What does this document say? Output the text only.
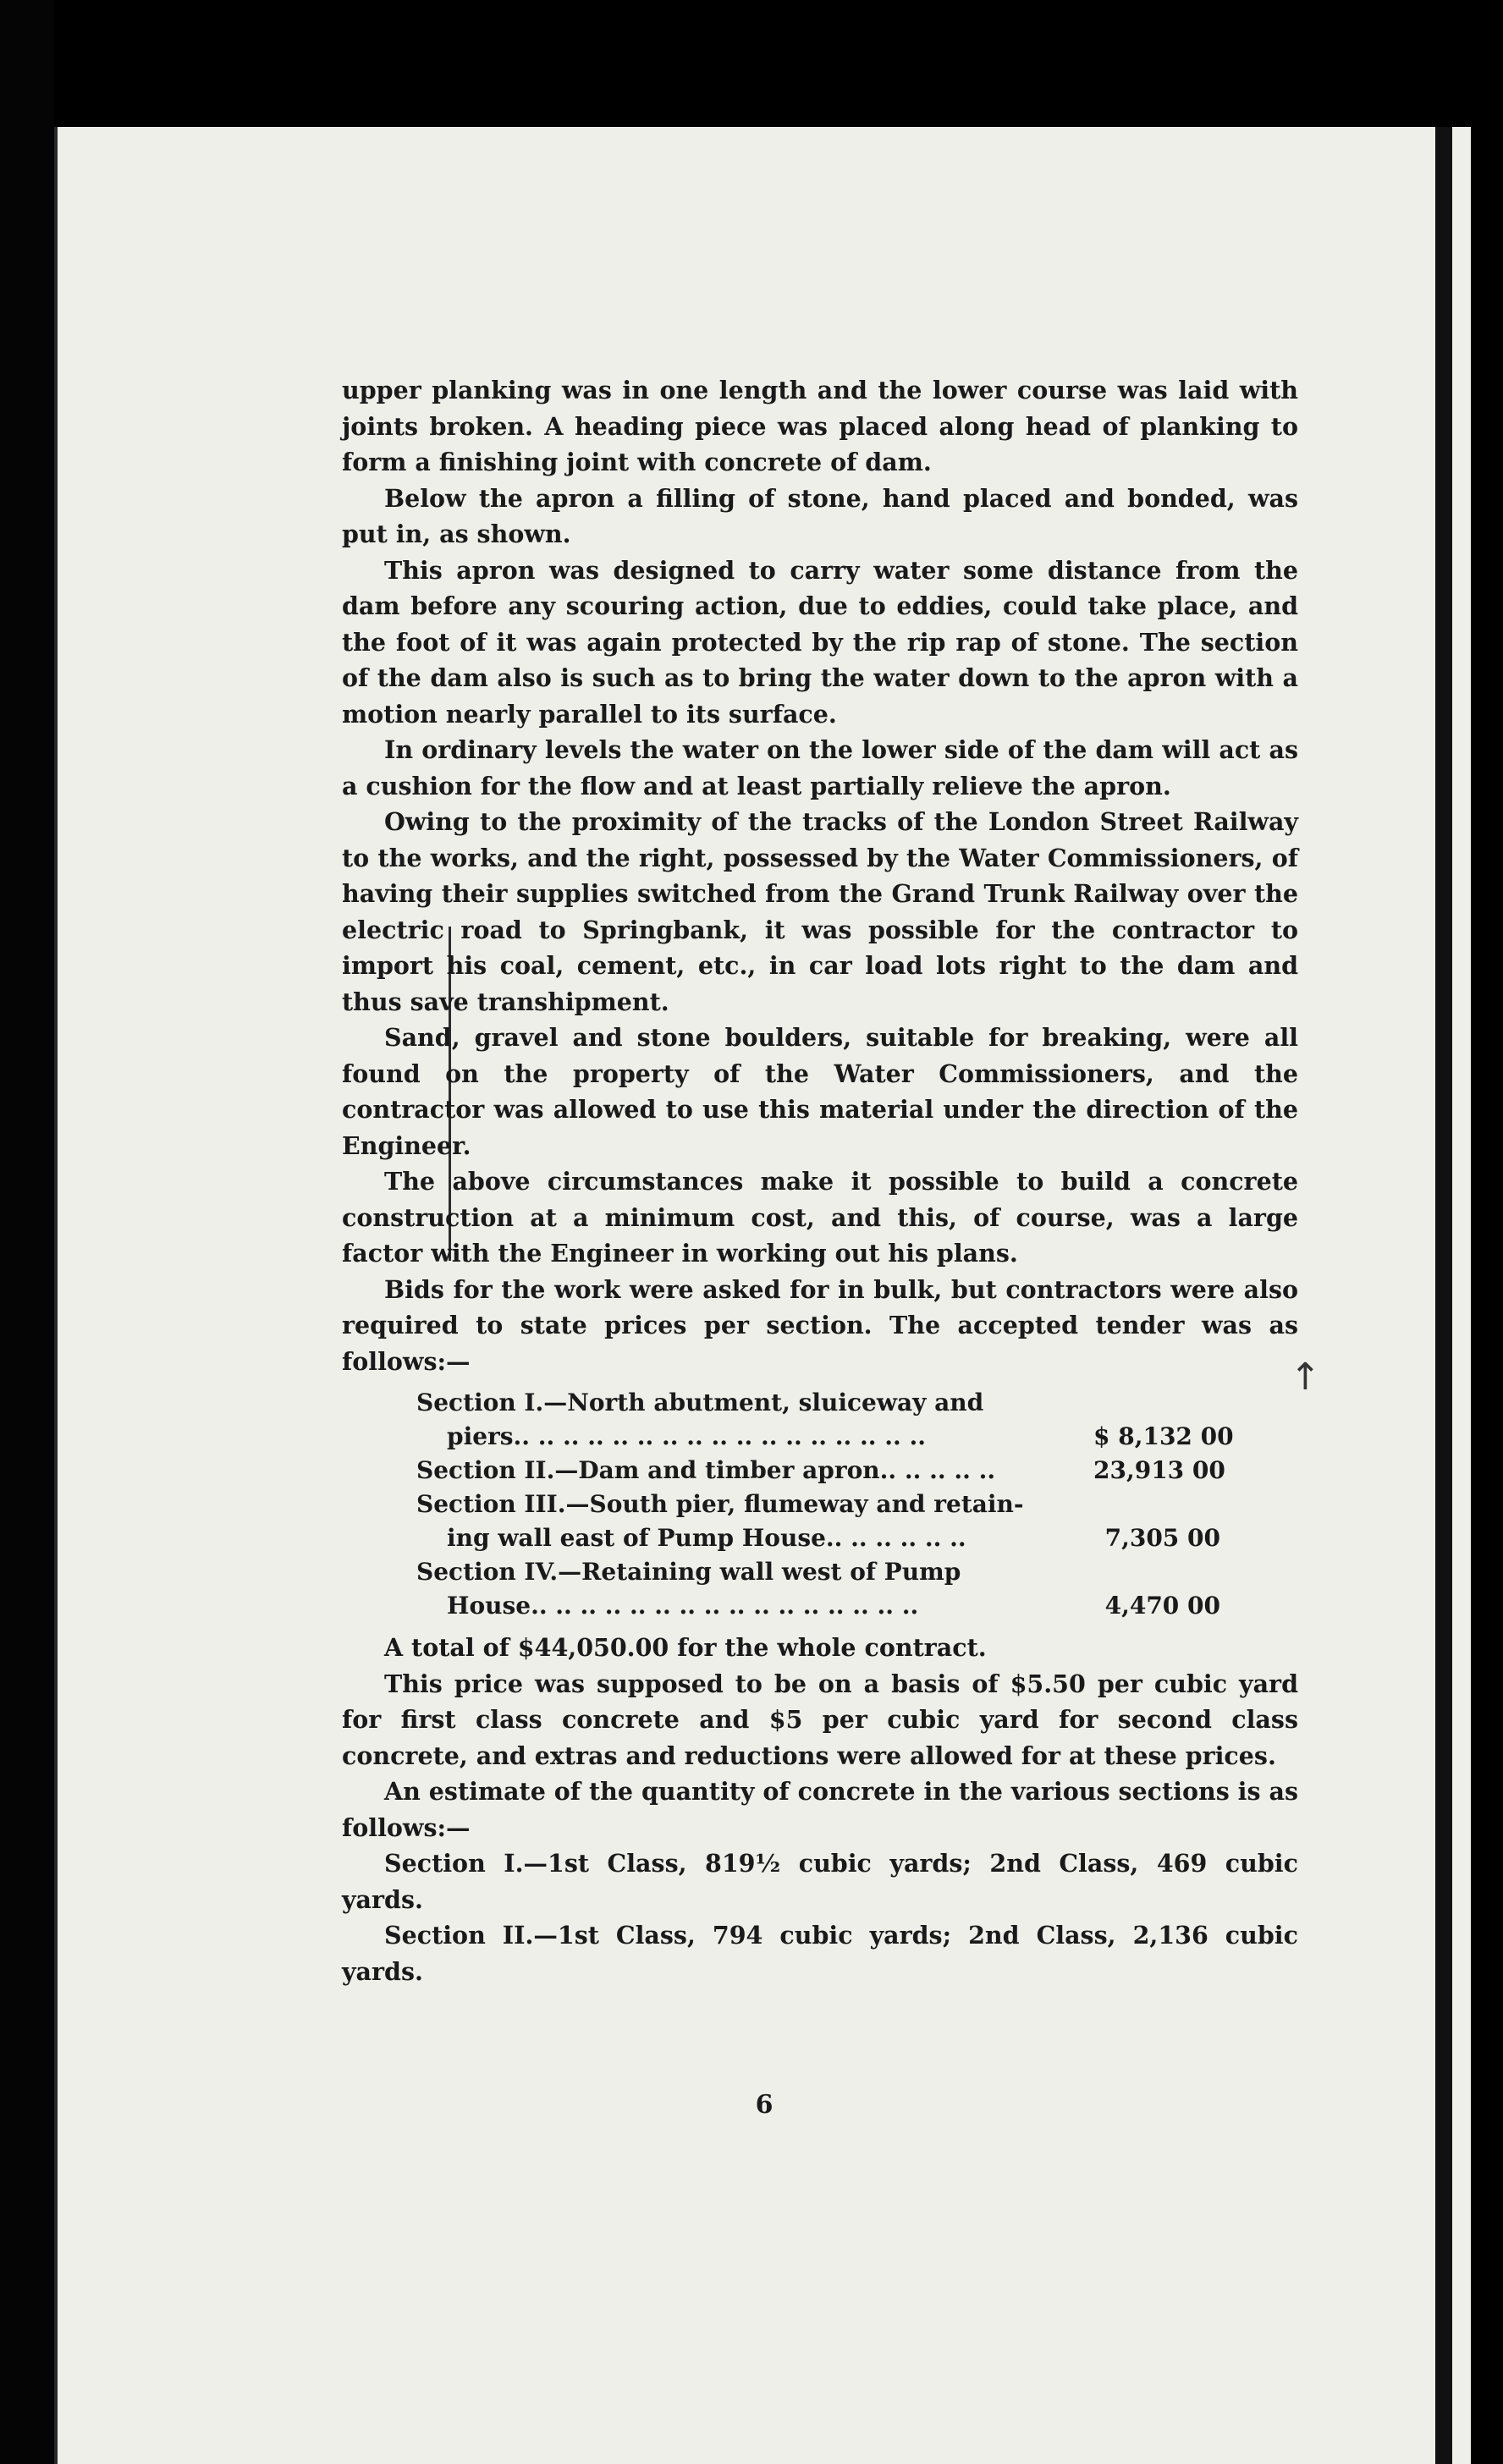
↑

upper planking was in one length and the lower course was laid with joints broken. A heading piece was placed along head of planking to form a finishing joint with concrete of dam.

Below the apron a filling of stone, hand placed and bonded, was put in, as shown.

This apron was designed to carry water some distance from the dam before any scouring action, due to eddies, could take place, and the foot of it was again protected by the rip rap of stone. The section of the dam also is such as to bring the water down to the apron with a motion nearly parallel to its surface.

In ordinary levels the water on the lower side of the dam will act as a cushion for the flow and at least partially relieve the apron.

Owing to the proximity of the tracks of the London Street Railway to the works, and the right, possessed by the Water Commissioners, of having their supplies switched from the Grand Trunk Railway over the electric road to Springbank, it was possible for the contractor to import his coal, cement, etc., in car load lots right to the dam and thus save transhipment.

Sand, gravel and stone boulders, suitable for breaking, were all found on the property of the Water Commissioners, and the contractor was allowed to use this material under the direction of the Engineer.

The above circumstances make it possible to build a concrete construction at a minimum cost, and this, of course, was a large factor with the Engineer in working out his plans.

Bids for the work were asked for in bulk, but contractors were also required to state prices per section. The accepted tender was as follows:—

Section I.—North abutment, sluiceway and
piers.. .. .. .. .. .. .. .. .. .. .. .. .. .. .. .. ..	$ 8,132 00
Section II.—Dam and timber apron.. .. .. .. ..	23,913 00
Section III.—South pier, flumeway and retain-
ing wall east of Pump House.. .. .. .. .. ..	7,305 00
Section IV.—Retaining wall west of Pump
House.. .. .. .. .. .. .. .. .. .. .. .. .. .. .. ..	4,470 00

A total of $44,050.00 for the whole contract.

This price was supposed to be on a basis of $5.50 per cubic yard for first class concrete and $5 per cubic yard for second class concrete, and extras and reductions were allowed for at these prices.

An estimate of the quantity of concrete in the various sections is as follows:—

Section I.—1st Class, 819½ cubic yards; 2nd Class, 469 cubic yards.

Section II.—1st Class, 794 cubic yards; 2nd Class, 2,136 cubic yards.

6
